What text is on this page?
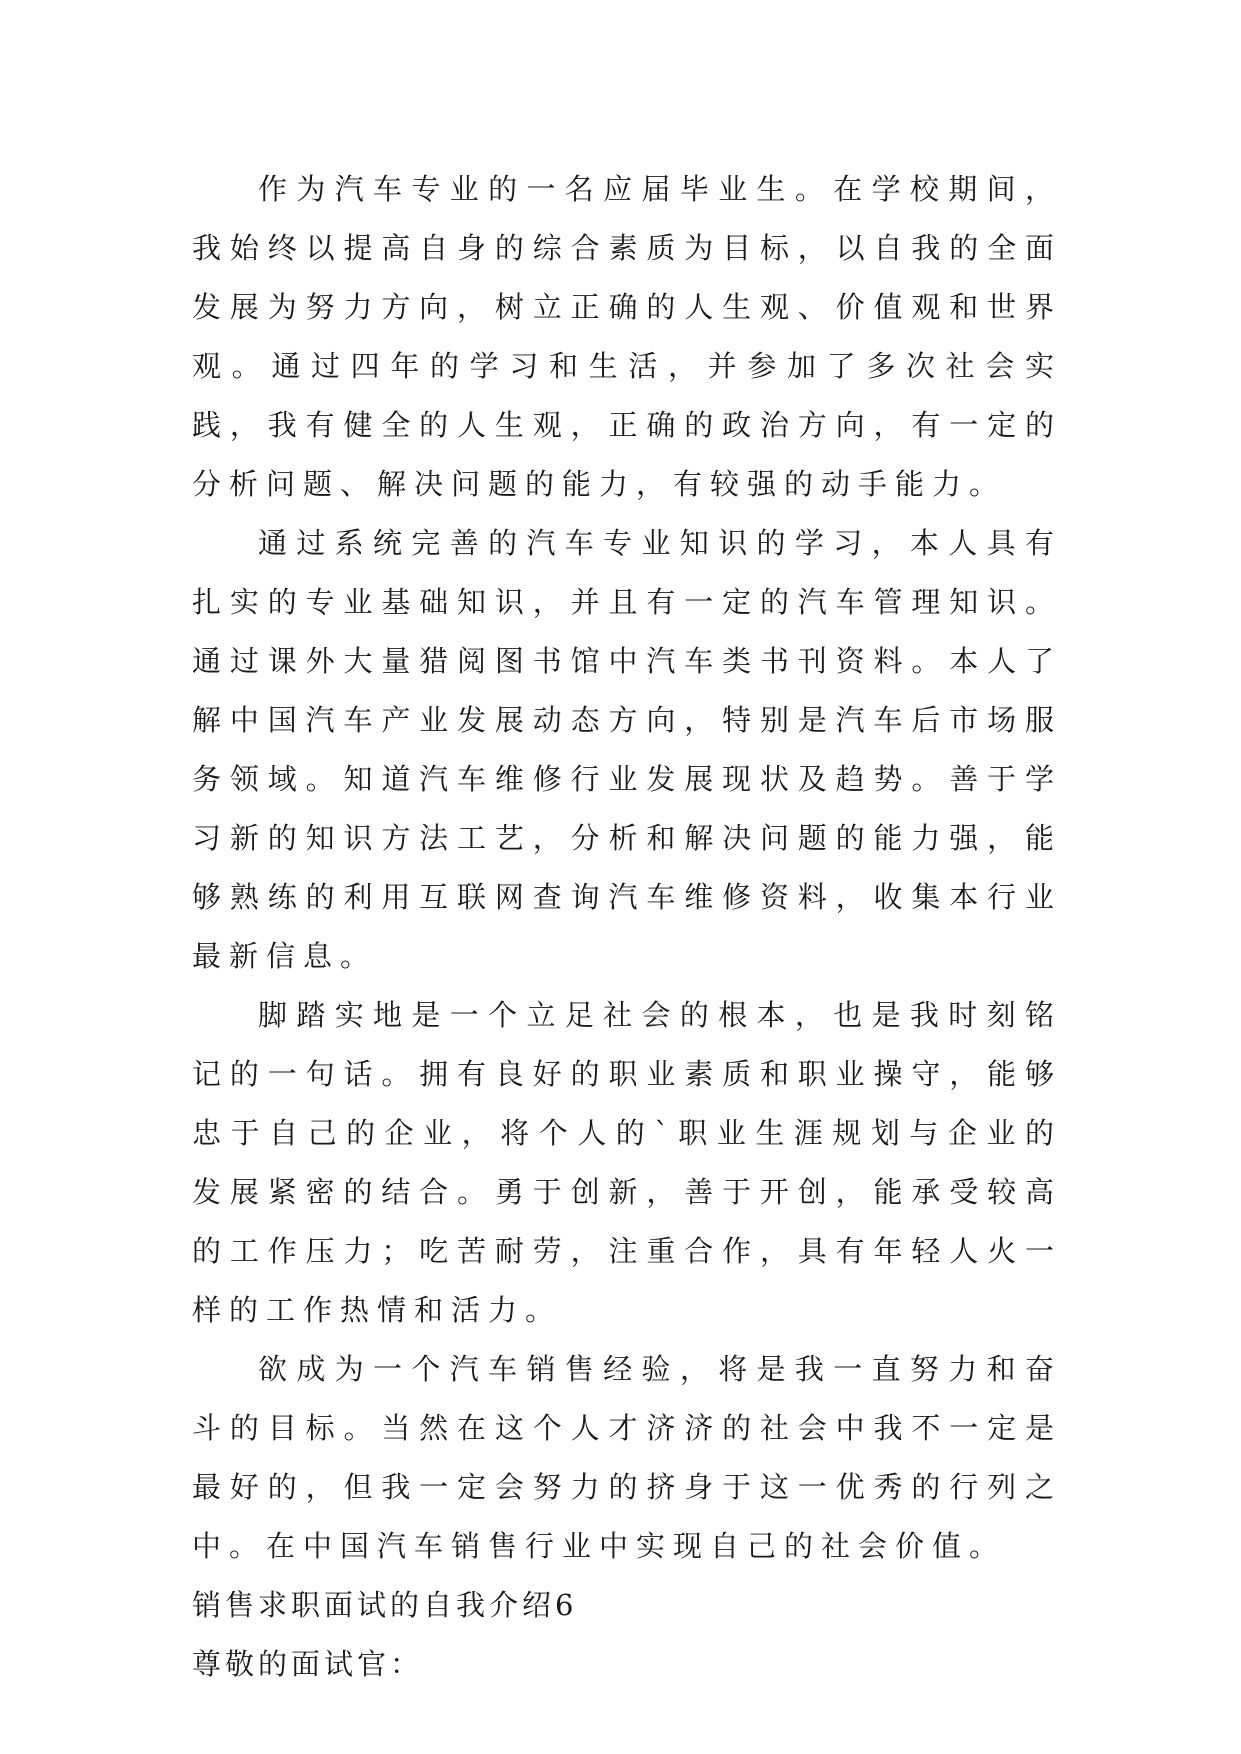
作为汽车专业的一名应届毕业生。在学校期间，我始终以提高自身的综合素质为目标，以自我的全面发展为努力方向，树立正确的人生观、价值观和世界观。通过四年的学习和生活，并参加了多次社会实践，我有健全的人生观，正确的政治方向，有一定的分析问题、解决问题的能力，有较强的动手能力。

通过系统完善的汽车专业知识的学习，本人具有扎实的专业基础知识，并且有一定的汽车管理知识。通过课外大量猎阅图书馆中汽车类书刊资料。本人了解中国汽车产业发展动态方向，特别是汽车后市场服务领域。知道汽车维修行业发展现状及趋势。善于学习新的知识方法工艺，分析和解决问题的能力强，能够熟练的利用互联网查询汽车维修资料，收集本行业最新信息。

脚踏实地是一个立足社会的根本，也是我时刻铭记的一句话。拥有良好的职业素质和职业操守，能够忠于自己的企业，将个人的`职业生涯规划与企业的发展紧密的结合。勇于创新，善于开创，能承受较高的工作压力；吃苦耐劳，注重合作，具有年轻人火一样的工作热情和活力。

欲成为一个汽车销售经验，将是我一直努力和奋斗的目标。当然在这个人才济济的社会中我不一定是最好的，但我一定会努力的挤身于这一优秀的行列之中。在中国汽车销售行业中实现自己的社会价值。

销售求职面试的自我介绍6

尊敬的面试官：
